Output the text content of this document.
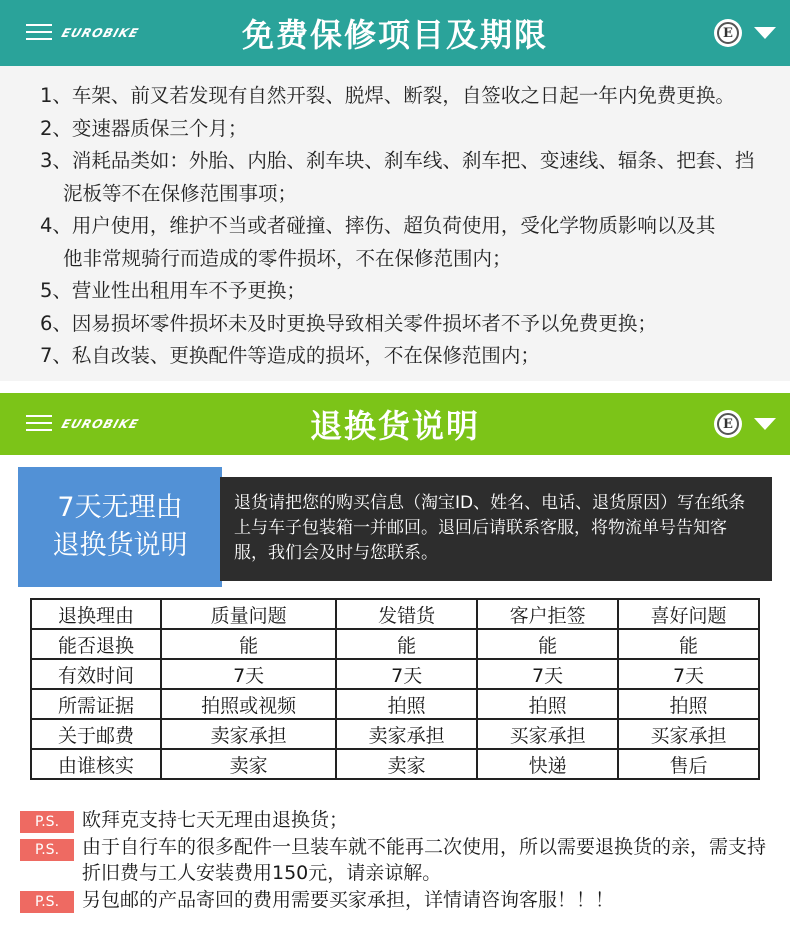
EUROBIKE	免费保修项目及期限	E

1、车架、前叉若发现有自然开裂、脱焊、断裂，自签收之日起一年内免费更换。

2、变速器质保三个月；

3、消耗品类如：外胎、内胎、刹车块、刹车线、刹车把、变速线、辐条、把套、挡
泥板等不在保修范围事项；

4、用户使用，维护不当或者碰撞、摔伤、超负荷使用，受化学物质影响以及其
他非常规骑行而造成的零件损坏，不在保修范围内；

5、营业性出租用车不予更换；

6、因易损坏零件损坏未及时更换导致相关零件损坏者不予以免费更换；

7、私自改装、更换配件等造成的损坏，不在保修范围内；

EUROBIKE	退换货说明	E
7天无理由
退换货说明
退货请把您的购买信息（淘宝ID、姓名、电话、退货原因）写在纸条上与车子包装箱一并邮回。退回后请联系客服，将物流单号告知客服，我们会及时与您联系。
退换理由	质量问题	发错货	客户拒签	喜好问题
能否退换	能	能	能	能
有效时间	7天	7天	7天	7天
所需证据	拍照或视频	拍照	拍照	拍照
关于邮费	卖家承担	卖家承担	买家承担	买家承担
由谁核实	卖家	卖家	快递	售后
P.S.	欧拜克支持七天无理由退换货；
P.S.	由于自行车的很多配件一旦装车就不能再二次使用，所以需要退换货的亲，需支持折旧费与工人安装费用150元，请亲谅解。
P.S.	另包邮的产品寄回的费用需要买家承担，详情请咨询客服！！！
